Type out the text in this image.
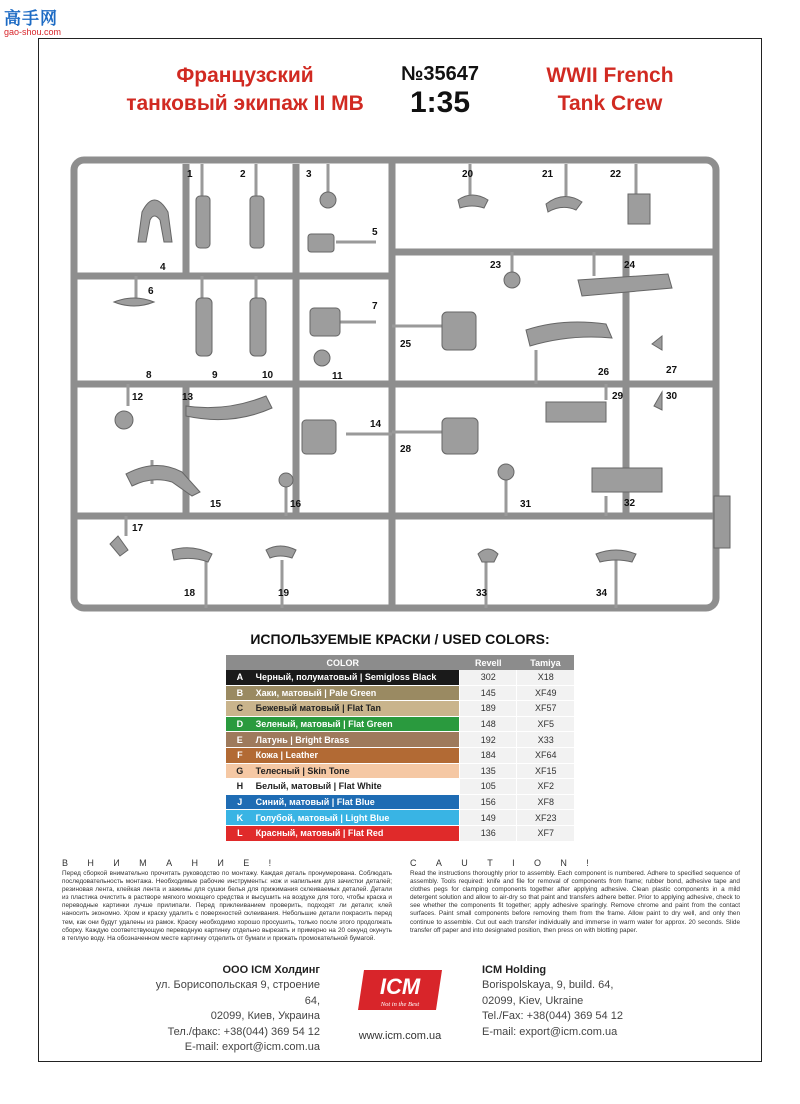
高手网
gao-shou.com
Французский
танковый экипаж II МВ
№35647
1:35
WWII French
Tank Crew
1	2	3
4
5
6
7
8	9	10	11
12	13
14
15	16
17
18	19
20	21	22
23	24
25
26	27
28
29	30
31	32
33	34
ИСПОЛЬЗУЕМЫЕ КРАСКИ / USED COLORS:
COLOR		Revell	Tamiya
A	Черный, полуматовый | Semigloss Black	302	X18
B	Хаки, матовый | Pale Green	145	XF49
C	Бежевый матовый | Flat Tan	189	XF57
D	Зеленый, матовый | Flat Green	148	XF5
E	Латунь | Bright Brass	192	X33
F	Кожа | Leather	184	XF64
G	Телесный | Skin Tone	135	XF15
H	Белый, матовый | Flat White	105	XF2
J	Синий, матовый | Flat Blue	156	XF8
K	Голубой, матовый | Light Blue	149	XF23
L	Красный, матовый | Flat Red	136	XF7
ВНИМАНИЕ!
Перед сборкой внимательно прочитать руководство по монтажу. Каждая деталь пронумерована. Соблюдать последовательность монтажа. Необходимые рабочие инструменты: нож и напильник для зачистки деталей; резиновая лента, клейкая лента и зажимы для сушки белья для прижимания склеиваемых деталей. Детали из пластика очистить в растворе мягкого моющего средства и высушить на воздухе для того, чтобы краска и переводные картинки лучше прилипали. Перед приклеиванием проверить, подходят ли детали; клей наносить экономно. Хром и краску удалить с поверхностей склеивания. Небольшие детали покрасить перед тем, как они будут удалены из рамок. Краску необходимо хорошо просушить, только после этого продолжать сборку. Каждую соответствующую переводную картинку отдельно вырезать и примерно на 20 секунд окунуть в теплую воду. На обозначенном месте картинку отделить от бумаги и прижать промокательной бумагой.
CAUTION!
Read the instructions thoroughly prior to assembly. Each component is numbered. Adhere to specified sequence of assembly. Tools required: knife and file for removal of components from frame; rubber bond, adhesive tape and clothes pegs for clamping components together after applying adhesive. Clean plastic components in a mild detergent solution and allow to air-dry so that paint and transfers adhere better. Prior to applying adhesive, check to see whether the components fit together; apply adhesive sparingly. Remove chrome and paint from the contact surfaces. Paint small components before removing them from the frame. Allow paint to dry well, and only then continue to assemble. Cut out each transfer individually and immerse in warm water for approx. 20 seconds. Slide transfer off paper and into designated position, then press on with blotting paper.
ООО ICM Холдинг
ул. Борисопольская 9, строение 64,
02099, Киев, Украина
Тел./факс: +38(044) 369 54 12
E-mail: export@icm.com.ua
ICM
Not in the Best
ICM Holding
Borispolskaya, 9, build. 64,
02099, Kiev, Ukraine
Tel./Fax: +38(044) 369 54 12
E-mail: export@icm.com.ua
www.icm.com.ua
